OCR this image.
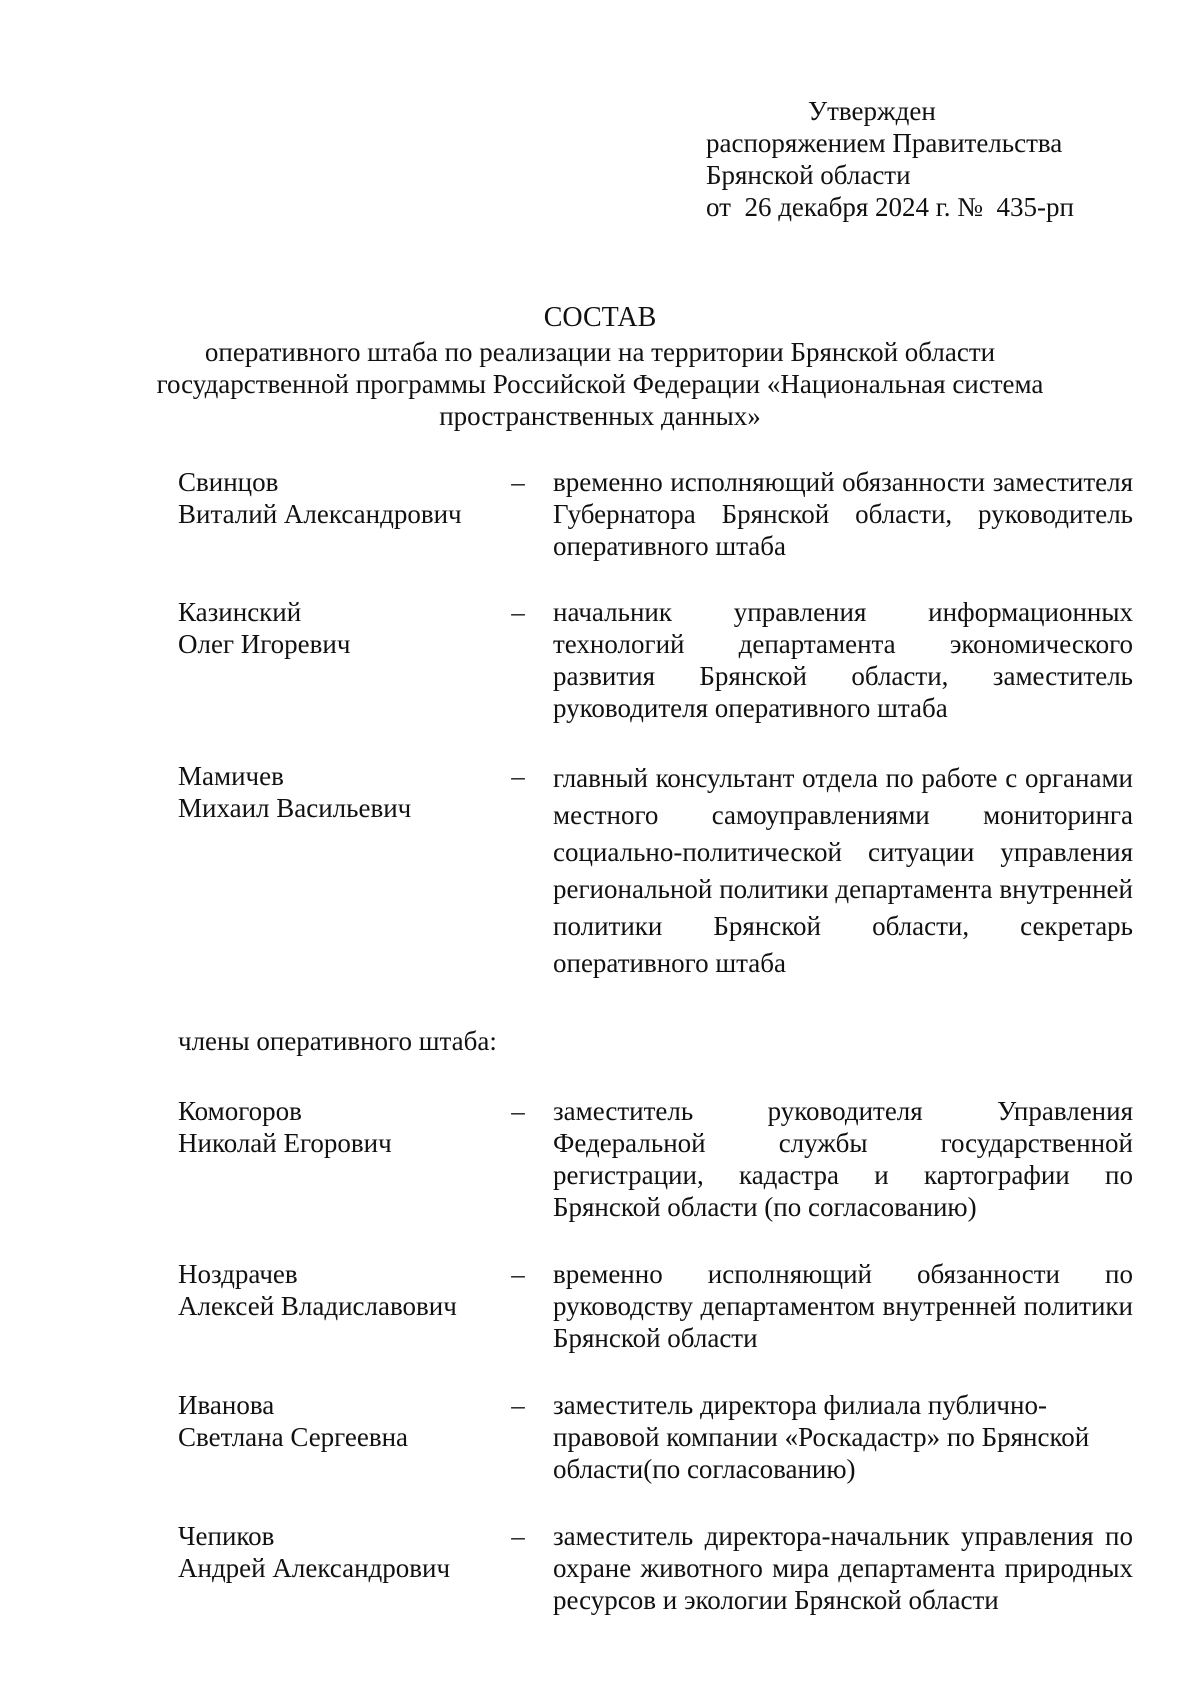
Утвержден
распоряжением Правительства
Брянской области
от  26 декабря 2024 г. №  435-рп
СОСТАВ
оперативного штаба по реализации на территории Брянской области государственной программы Российской Федерации «Национальная система пространственных данных»
Свинцов
Виталий Александрович
– временно исполняющий обязанности заместителя Губернатора Брянской области, руководитель оперативного штаба
Казинский
Олег Игоревич
– начальник управления информационных технологий департамента экономического развития Брянской области, заместитель руководителя оперативного штаба
Мамичев
Михаил Васильевич
– главный консультант отдела по работе с органами местного самоуправлениями мониторинга социально-политической ситуации управления региональной политики департамента внутренней политики Брянской области, секретарь оперативного штаба
члены оперативного штаба:
Комогоров
Николай Егорович
– заместитель руководителя Управления Федеральной службы государственной регистрации, кадастра и картографии по Брянской области (по согласованию)
Ноздрачев
Алексей Владиславович
– временно исполняющий обязанности по руководству департаментом внутренней политики Брянской области
Иванова
Светлана Сергеевна
– заместитель директора филиала публично-правовой компании «Роскадастр» по Брянской области(по согласованию)
Чепиков
Андрей Александрович
– заместитель директора-начальник управления по охране животного мира департамента природных ресурсов и экологии Брянской области
